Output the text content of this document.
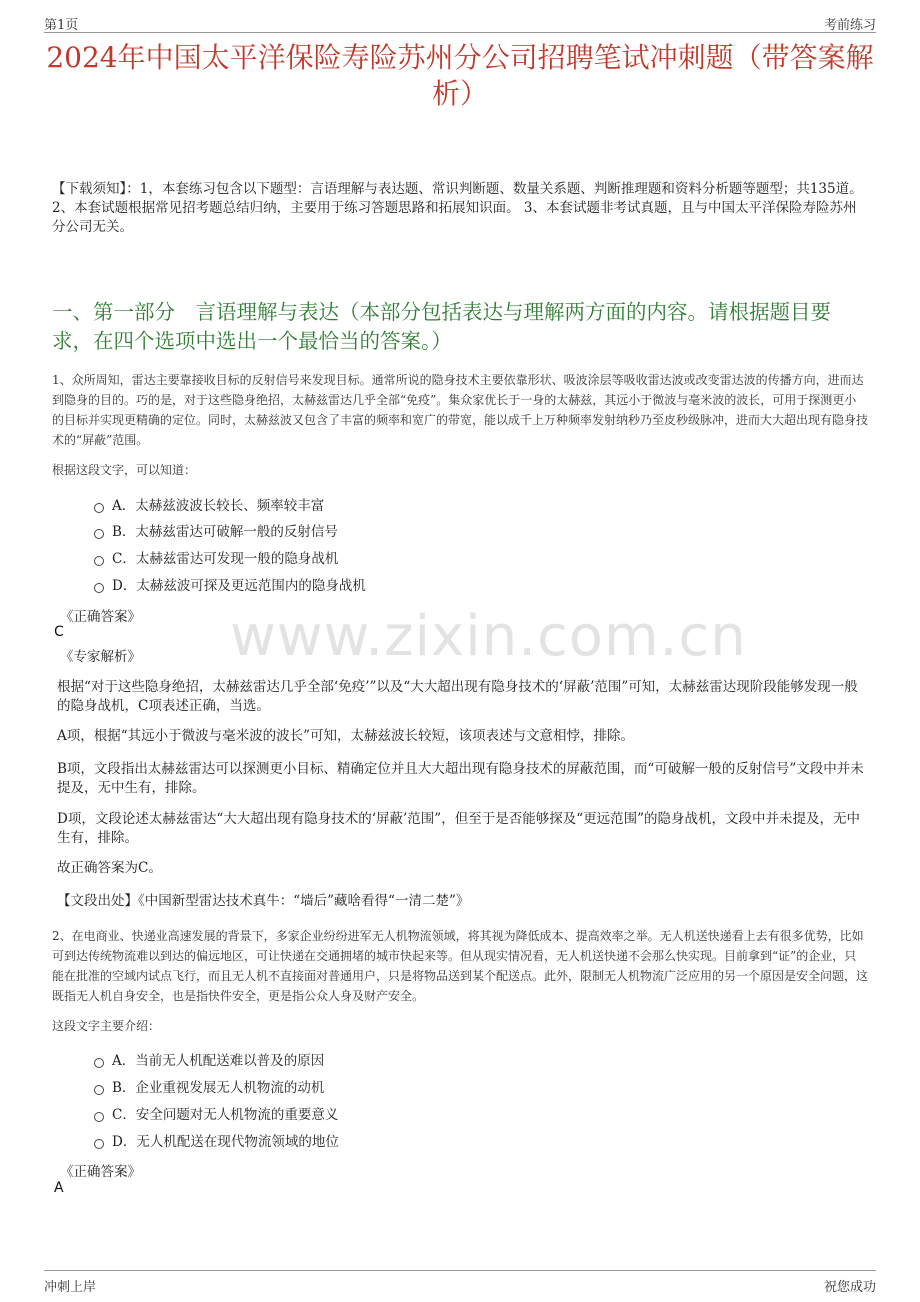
第1页	考前练习
2024年中国太平洋保险寿险苏州分公司招聘笔试冲刺题（带答案解析）
【下载须知】：1，本套练习包含以下题型：言语理解与表达题、常识判断题、数量关系题、判断推理题和资料分析题等题型；共135道。 2、本套试题根据常见招考题总结归纳，主要用于练习答题思路和拓展知识面。 3、本套试题非考试真题，且与中国太平洋保险寿险苏州分公司无关。
一、第一部分　言语理解与表达（本部分包括表达与理解两方面的内容。请根据题目要求，在四个选项中选出一个最恰当的答案。）
1、众所周知，雷达主要靠接收目标的反射信号来发现目标。通常所说的隐身技术主要依靠形状、吸波涂层等吸收雷达波或改变雷达波的传播方向，进而达到隐身的目的。巧的是，对于这些隐身绝招，太赫兹雷达几乎全部“免疫”。集众家优长于一身的太赫兹，其远小于微波与毫米波的波长，可用于探测更小的目标并实现更精确的定位。同时，太赫兹波又包含了丰富的频率和宽广的带宽，能以成千上万种频率发射纳秒乃至皮秒级脉冲，进而大大超出现有隐身技术的“屏蔽”范围。
根据这段文字，可以知道：
A．太赫兹波波长较长、频率较丰富
B．太赫兹雷达可破解一般的反射信号
C．太赫兹雷达可发现一般的隐身战机
D．太赫兹波可探及更远范围内的隐身战机
《正确答案》
C
《专家解析》 www.zixin.com.cn
根据“对于这些隐身绝招，太赫兹雷达几乎全部‘免疫’”以及“大大超出现有隐身技术的‘屏蔽’范围”可知，太赫兹雷达现阶段能够发现一般的隐身战机，C项表述正确，当选。
A项，根据“其远小于微波与毫米波的波长”可知，太赫兹波长较短，该项表述与文意相悖，排除。
B项，文段指出太赫兹雷达可以探测更小目标、精确定位并且大大超出现有隐身技术的屏蔽范围，而“可破解一般的反射信号”文段中并未提及，无中生有，排除。
D项，文段论述太赫兹雷达“大大超出现有隐身技术的‘屏蔽’范围”，但至于是否能够探及“更远范围”的隐身战机，文段中并未提及，无中生有，排除。
故正确答案为C。
【文段出处】《中国新型雷达技术真牛：“墙后”藏啥看得“一清二楚”》
2、在电商业、快递业高速发展的背景下，多家企业纷纷进军无人机物流领域，将其视为降低成本、提高效率之举。无人机送快递看上去有很多优势，比如可到达传统物流难以到达的偏远地区，可让快递在交通拥堵的城市快起来等。但从现实情况看，无人机送快递不会那么快实现。目前拿到“证”的企业，只能在批准的空域内试点飞行，而且无人机不直接面对普通用户，只是将物品送到某个配送点。此外，限制无人机物流广泛应用的另一个原因是安全问题，这既指无人机自身安全，也是指快件安全，更是指公众人身及财产安全。
这段文字主要介绍：
A．当前无人机配送难以普及的原因
B．企业重视发展无人机物流的动机
C．安全问题对无人机物流的重要意义
D．无人机配送在现代物流领域的地位
《正确答案》
A
冲刺上岸	祝您成功
